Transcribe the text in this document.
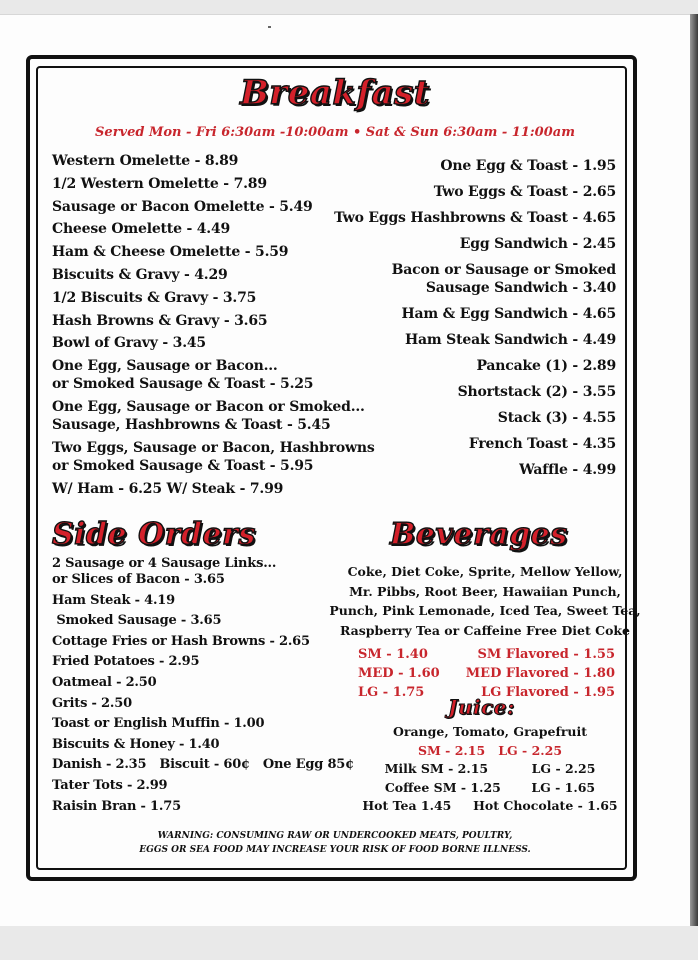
Breakfast
Served Mon - Fri 6:30am -10:00am • Sat & Sun 6:30am - 11:00am
Western Omelette - 8.89
1/2 Western Omelette - 7.89
Sausage or Bacon Omelette - 5.49
Cheese Omelette - 4.49
Ham & Cheese Omelette - 5.59
Biscuits & Gravy - 4.29
1/2 Biscuits & Gravy - 3.75
Hash Browns & Gravy - 3.65
Bowl of Gravy - 3.45
One Egg, Sausage or Bacon...
or Smoked Sausage & Toast - 5.25
One Egg, Sausage or Bacon or Smoked...
Sausage, Hashbrowns & Toast - 5.45
Two Eggs, Sausage or Bacon, Hashbrowns
or Smoked Sausage & Toast - 5.95
W/ Ham - 6.25 W/ Steak - 7.99
One Egg & Toast - 1.95
Two Eggs & Toast - 2.65
Two Eggs Hashbrowns & Toast - 4.65
Egg Sandwich - 2.45
Bacon or Sausage or Smoked
Sausage Sandwich - 3.40
Ham & Egg Sandwich - 4.65
Ham Steak Sandwich - 4.49
Pancake (1) - 2.89
Shortstack (2) - 3.55
Stack (3) - 4.55
French Toast - 4.35
Waffle - 4.99
Side Orders
2 Sausage or 4 Sausage Links...
or Slices of Bacon - 3.65
Ham Steak - 4.19
Smoked Sausage - 3.65
Cottage Fries or Hash Browns - 2.65
Fried Potatoes - 2.95
Oatmeal - 2.50
Grits - 2.50
Toast or English Muffin - 1.00
Biscuits & Honey - 1.40
Danish - 2.35   Biscuit - 60¢   One Egg 85¢
Tater Tots - 2.99
Raisin Bran - 1.75
Beverages
Coke, Diet Coke, Sprite, Mellow Yellow,
Mr. Pibbs, Root Beer, Hawaiian Punch,
Punch, Pink Lemonade, Iced Tea, Sweet Tea,
Raspberry Tea or Caffeine Free Diet Coke
SM - 1.40
MED - 1.60
LG - 1.75
SM Flavored - 1.55
MED Flavored - 1.80
LG Flavored - 1.95
Juice:
Orange, Tomato, Grapefruit
SM - 2.15   LG - 2.25
Milk SM - 2.15          LG - 2.25
Coffee SM - 1.25       LG - 1.65
Hot Tea 1.45     Hot Chocolate - 1.65
WARNING: CONSUMING RAW OR UNDERCOOKED MEATS, POULTRY,
EGGS OR SEA FOOD MAY INCREASE YOUR RISK OF FOOD BORNE ILLNESS.
